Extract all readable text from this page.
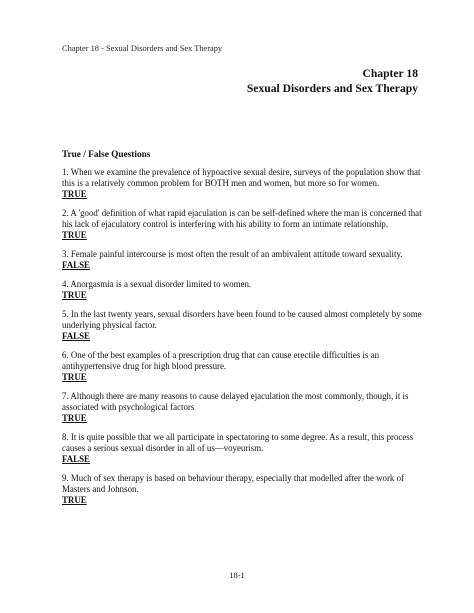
Chapter 18 - Sexual Disorders and Sex Therapy
Chapter 18
Sexual Disorders and Sex Therapy
True / False Questions
1. When we examine the prevalence of hypoactive sexual desire, surveys of the population show that this is a relatively common problem for BOTH men and women, but more so for women.
TRUE
2. A 'good' definition of what rapid ejaculation is can be self-defined where the man is concerned that his lack of ejaculatory control is interfering with his ability to form an intimate relationship.
TRUE
3. Female painful intercourse is most often the result of an ambivalent attitude toward sexuality.
FALSE
4. Anorgasmia is a sexual disorder limited to women.
TRUE
5. In the last twenty years, sexual disorders have been found to be caused almost completely by some underlying physical factor.
FALSE
6. One of the best examples of a prescription drug that can cause erectile difficulties is an antihypertensive drug for high blood pressure.
TRUE
7. Although there are many reasons to cause delayed ejaculation the most commonly, though, it is associated with psychological factors
TRUE
8. It is quite possible that we all participate in spectatoring to some degree. As a result, this process causes a serious sexual disorder in all of us—voyeurism.
FALSE
9. Much of sex therapy is based on behaviour therapy, especially that modelled after the work of Masters and Johnson.
TRUE
18-1
